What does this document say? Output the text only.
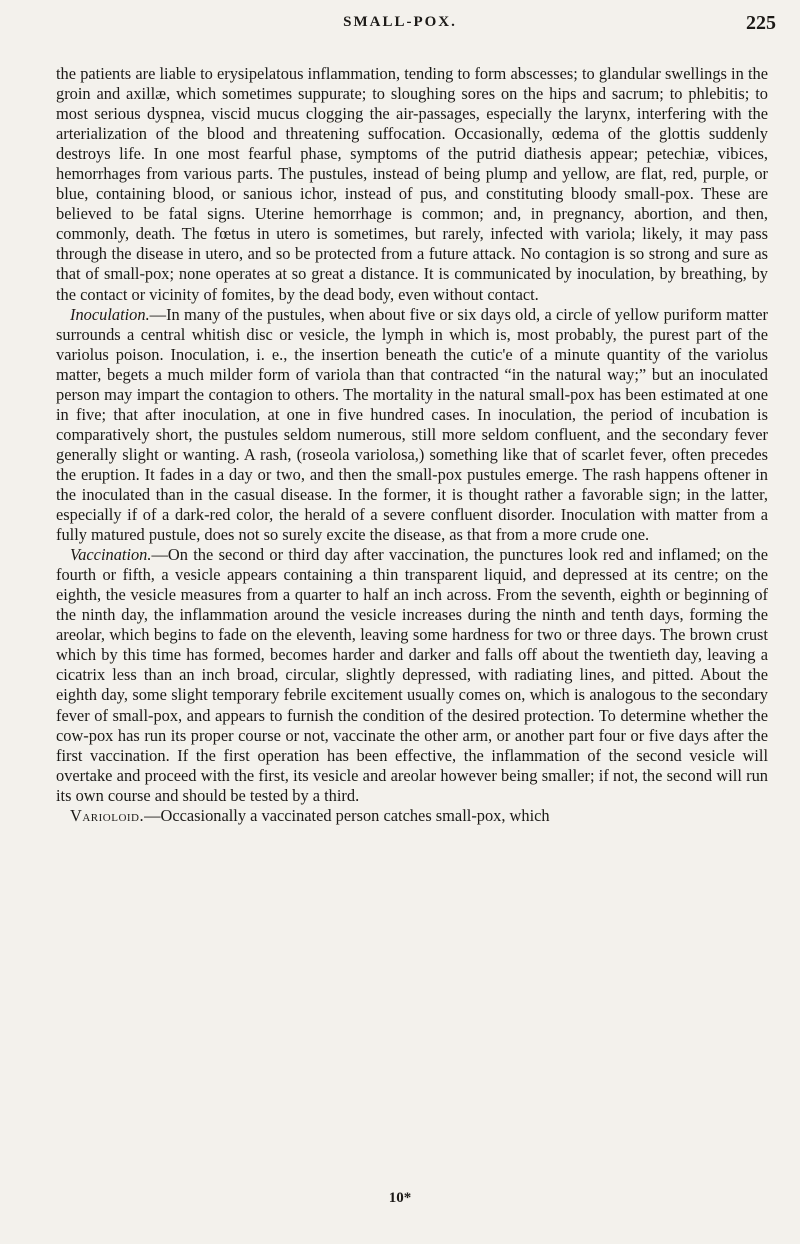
SMALL-POX.	225

the patients are liable to erysipelatous inflammation, tending to form abscesses; to glandular swellings in the groin and axillæ, which sometimes suppurate; to sloughing sores on the hips and sacrum; to phlebitis; to most serious dyspnea, viscid mucus clogging the air-passages, especially the larynx, interfering with the arterialization of the blood and threatening suffocation. Occasionally, œdema of the glottis suddenly destroys life. In one most fearful phase, symptoms of the putrid diathesis appear; petechiæ, vibices, hemorrhages from various parts. The pustules, instead of being plump and yellow, are flat, red, purple, or blue, containing blood, or sanious ichor, instead of pus, and constituting bloody small-pox. These are believed to be fatal signs. Uterine hemorrhage is common; and, in pregnancy, abortion, and then, commonly, death. The fœtus in utero is sometimes, but rarely, infected with variola; likely, it may pass through the disease in utero, and so be protected from a future attack. No contagion is so strong and sure as that of small-pox; none operates at so great a distance. It is communicated by inoculation, by breathing, by the contact or vicinity of fomites, by the dead body, even without contact.

Inoculation.—In many of the pustules, when about five or six days old, a circle of yellow puriform matter surrounds a central whitish disc or vesicle, the lymph in which is, most probably, the purest part of the variolus poison. Inoculation, i. e., the insertion beneath the cutic'e of a minute quantity of the variolus matter, begets a much milder form of variola than that contracted “in the natural way;” but an inoculated person may impart the contagion to others. The mortality in the natural small-pox has been estimated at one in five; that after inoculation, at one in five hundred cases. In inoculation, the period of incubation is comparatively short, the pustules seldom numerous, still more seldom confluent, and the secondary fever generally slight or wanting. A rash, (roseola variolosa,) something like that of scarlet fever, often precedes the eruption. It fades in a day or two, and then the small-pox pustules emerge. The rash happens oftener in the inoculated than in the casual disease. In the former, it is thought rather a favorable sign; in the latter, especially if of a dark-red color, the herald of a severe confluent disorder. Inoculation with matter from a fully matured pustule, does not so surely excite the disease, as that from a more crude one.

Vaccination.—On the second or third day after vaccination, the punctures look red and inflamed; on the fourth or fifth, a vesicle appears containing a thin transparent liquid, and depressed at its centre; on the eighth, the vesicle measures from a quarter to half an inch across. From the seventh, eighth or beginning of the ninth day, the inflammation around the vesicle increases during the ninth and tenth days, forming the areolar, which begins to fade on the eleventh, leaving some hardness for two or three days. The brown crust which by this time has formed, becomes harder and darker and falls off about the twentieth day, leaving a cicatrix less than an inch broad, circular, slightly depressed, with radiating lines, and pitted. About the eighth day, some slight temporary febrile excitement usually comes on, which is analogous to the secondary fever of small-pox, and appears to furnish the condition of the desired protection. To determine whether the cow-pox has run its proper course or not, vaccinate the other arm, or another part four or five days after the first vaccination. If the first operation has been effective, the inflammation of the second vesicle will overtake and proceed with the first, its vesicle and areolar however being smaller; if not, the second will run its own course and should be tested by a third.

Varioloid.—Occasionally a vaccinated person catches small-pox, which

10*
